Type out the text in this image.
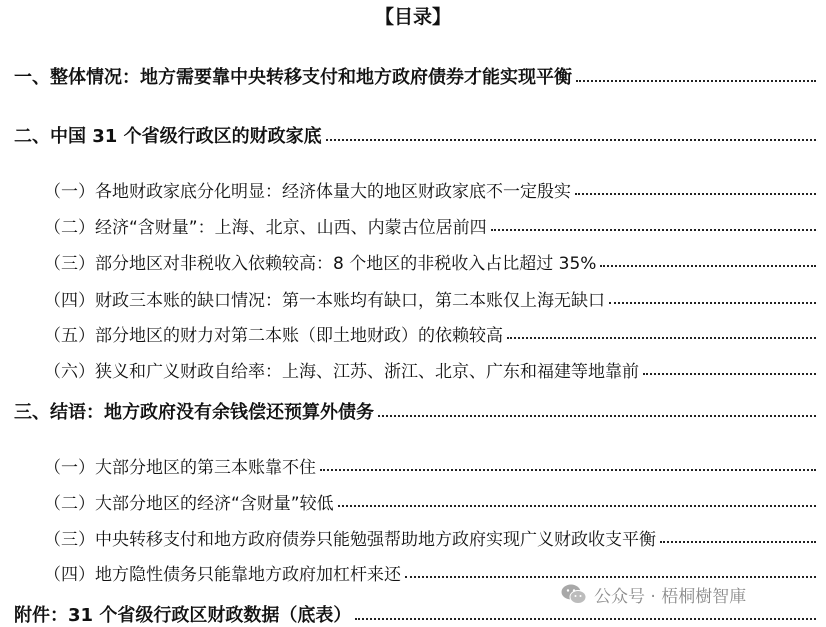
【目录】
一、整体情况：地方需要靠中央转移支付和地方政府债券才能实现平衡
二、中国 31 个省级行政区的财政家底
（一）各地财政家底分化明显：经济体量大的地区财政家底不一定殷实
（二）经济“含财量”：上海、北京、山西、内蒙古位居前四
（三）部分地区对非税收入依赖较高：8 个地区的非税收入占比超过 35%
（四）财政三本账的缺口情况：第一本账均有缺口，第二本账仅上海无缺口
（五）部分地区的财力对第二本账（即土地财政）的依赖较高
（六）狭义和广义财政自给率：上海、江苏、浙江、北京、广东和福建等地靠前
三、结语：地方政府没有余钱偿还预算外债务
（一）大部分地区的第三本账靠不住
（二）大部分地区的经济“含财量”较低
（三）中央转移支付和地方政府债券只能勉强帮助地方政府实现广义财政收支平衡
（四）地方隐性债务只能靠地方政府加杠杆来还
附件：31 个省级行政区财政数据（底表）
公众号 · 梧桐樹智庫
